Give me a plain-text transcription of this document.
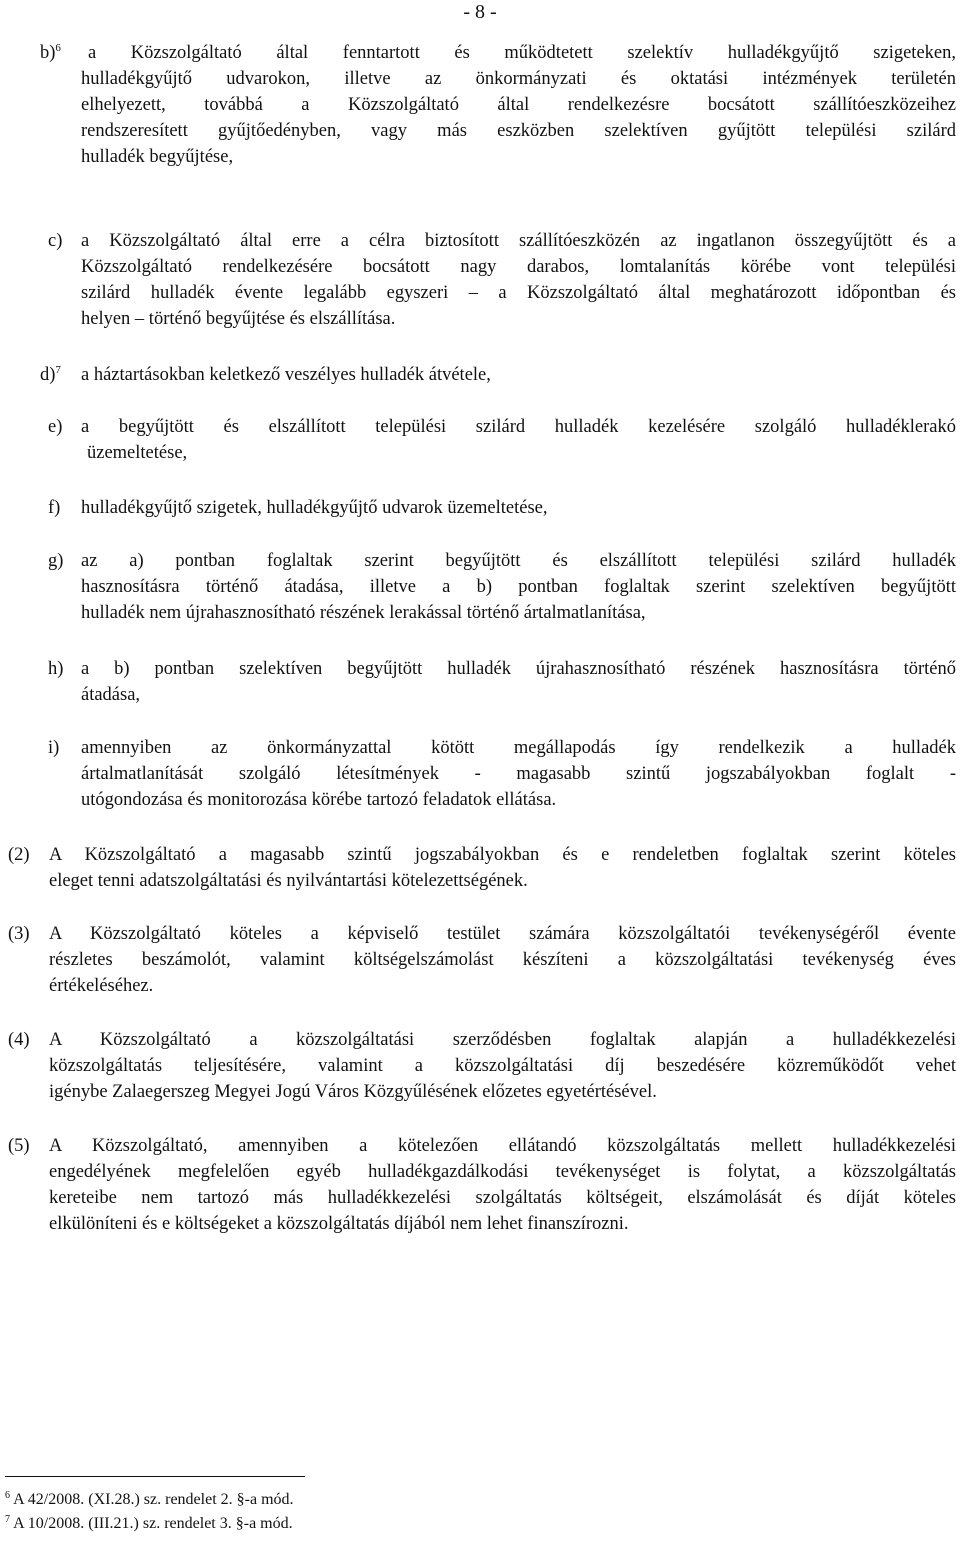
- 8 -
b)$^6$ a Közszolgáltató által fenntartott és működtetett szelektív hulladékgyűjtő szigeteken,
hulladékgyűjtő udvarokon, illetve az önkormányzati és oktatási intézmények területén
elhelyezett, továbbá a Közszolgáltató által rendelkezésre bocsátott szállítóeszközeihez
rendszeresített gyűjtőedényben, vagy más eszközben szelektíven gyűjtött települési szilárd
hulladék begyűjtése,
c) a Közszolgáltató által erre a célra biztosított szállítóeszközén az ingatlanon összegyűjtött és a
Közszolgáltató rendelkezésére bocsátott nagy darabos, lomtalanítás körébe vont települési
szilárd hulladék évente legalább egyszeri – a Közszolgáltató által meghatározott időpontban és
helyen – történő begyűjtése és elszállítása.
d)$^7$ a háztartásokban keletkező veszélyes hulladék átvétele,
e) a begyűjtött és elszállított települési szilárd hulladék kezelésére szolgáló hulladéklerakó
üzemeltetése,
f) hulladékgyűjtő szigetek, hulladékgyűjtő udvarok üzemeltetése,
g) az a) pontban foglaltak szerint begyűjtött és elszállított települési szilárd hulladék
hasznosításra történő átadása, illetve a b) pontban foglaltak szerint szelektíven begyűjtött
hulladék nem újrahasznosítható részének lerakással történő ártalmatlanítása,
h) a b) pontban szelektíven begyűjtött hulladék újrahasznosítható részének hasznosításra történő
átadása,
i) amennyiben az önkormányzattal kötött megállapodás így rendelkezik a hulladék
ártalmatlanítását szolgáló létesítmények - magasabb szintű jogszabályokban foglalt -
utógondozása és monitorozása körébe tartozó feladatok ellátása.
(2) A Közszolgáltató a magasabb szintű jogszabályokban és e rendeletben foglaltak szerint köteles
eleget tenni adatszolgáltatási és nyilvántartási kötelezettségének.
(3) A Közszolgáltató köteles a képviselő testület számára közszolgáltatói tevékenységéről évente
részletes beszámolót, valamint költségelszámolást készíteni a közszolgáltatási tevékenység éves
értékeléséhez.
(4) A Közszolgáltató a közszolgáltatási szerződésben foglaltak alapján a hulladékkezelési
közszolgáltatás teljesítésére, valamint a közszolgáltatási díj beszedésére közreműködőt vehet
igénybe Zalaegerszeg Megyei Jogú Város Közgyűlésének előzetes egyetértésével.
(5) A Közszolgáltató, amennyiben a kötelezően ellátandó közszolgáltatás mellett hulladékkezelési
engedélyének megfelelően egyéb hulladékgazdálkodási tevékenységet is folytat, a közszolgáltatás
kereteibe nem tartozó más hulladékkezelési szolgáltatás költségeit, elszámolását és díját köteles
elkülöníteni és e költségeket a közszolgáltatás díjából nem lehet finanszírozni.
$^6$ A 42/2008. (XI.28.) sz. rendelet 2. §-a mód.
$^7$ A 10/2008. (III.21.) sz. rendelet 3. §-a mód.
